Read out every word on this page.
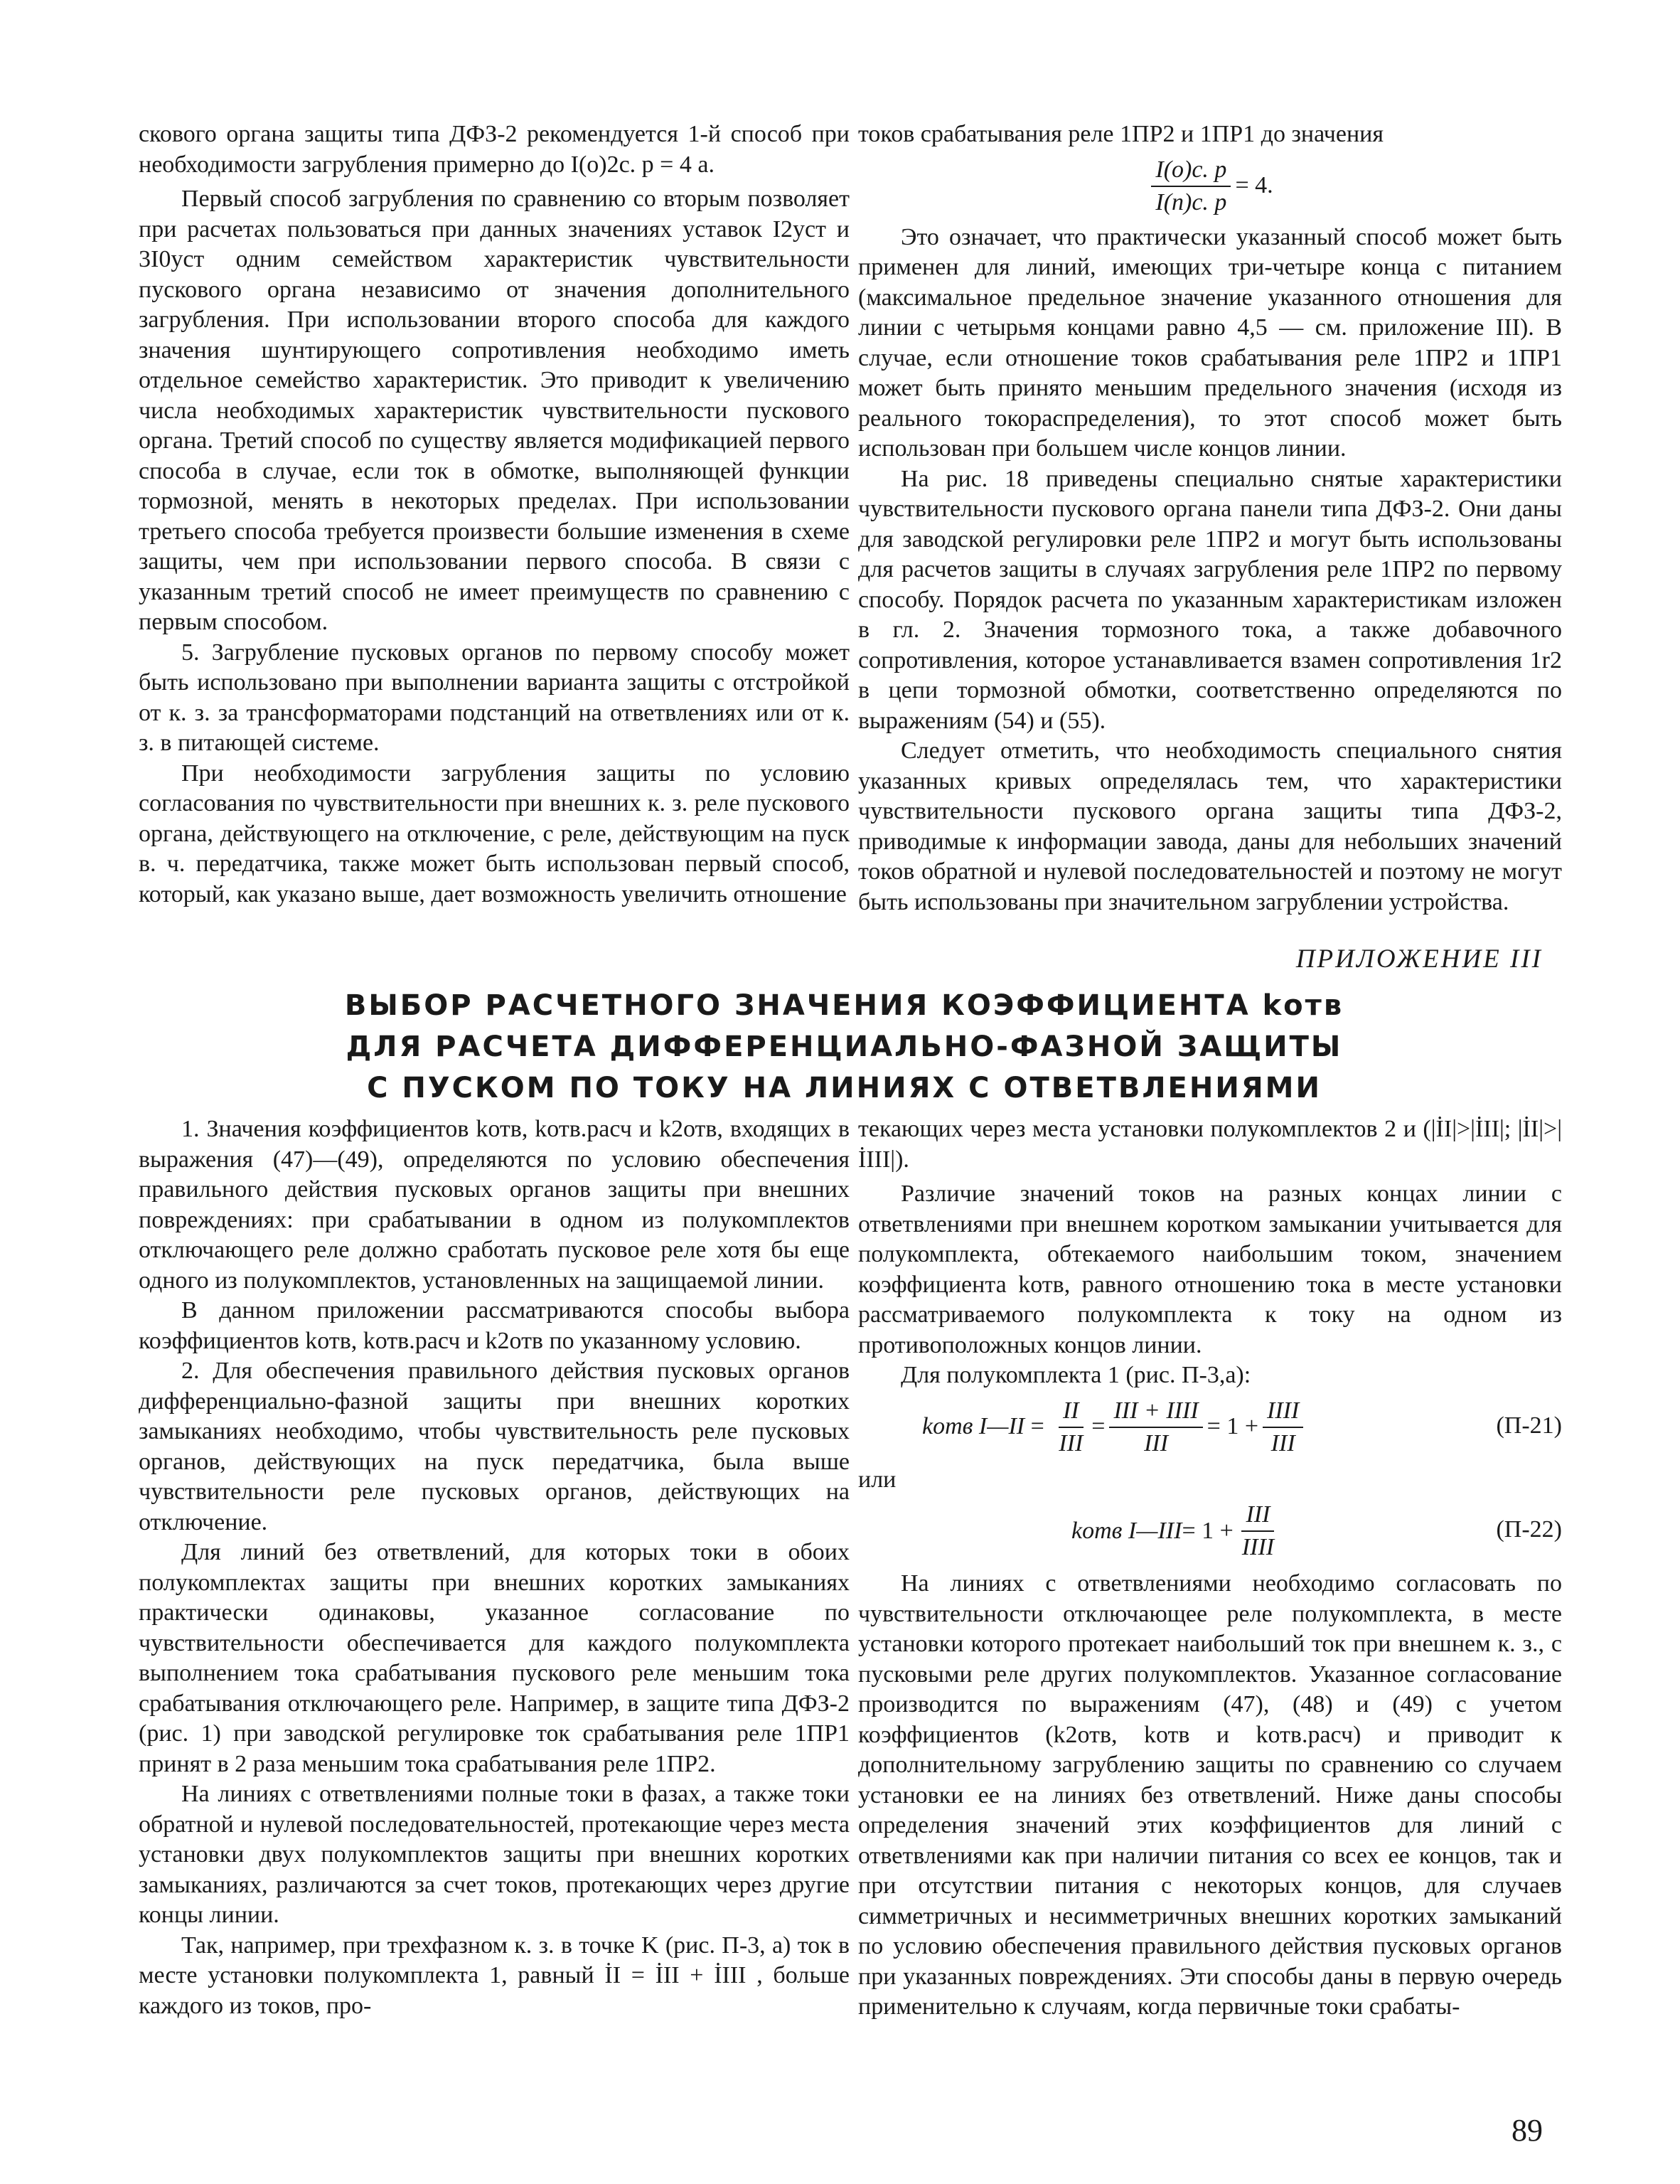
скового органа защиты типа ДФЗ-2 рекомендуется 1-й способ при необходимости загрубления примерно до I(o)2с. р = 4 а.

Первый способ загрубления по сравнению со вторым позволяет при расчетах пользоваться при данных значениях уставок I2уст и 3I0уст одним семейством характеристик чувствительности пускового органа независимо от значения дополнительного загрубления. При использовании второго способа для каждого значения шунтирующего сопротивления необходимо иметь отдельное семейство характеристик. Это приводит к увеличению числа необходимых характеристик чувствительности пускового органа. Третий способ по существу является модификацией первого способа в случае, если ток в обмотке, выполняющей функции тормозной, менять в некоторых пределах. При использовании третьего способа требуется произвести большие изменения в схеме защиты, чем при использовании первого способа. В связи с указанным третий способ не имеет преимуществ по сравнению с первым способом.

5. Загрубление пусковых органов по первому способу может быть использовано при выполнении варианта защиты с отстройкой от к. з. за трансформаторами подстанций на ответвлениях или от к. з. в питающей системе.

При необходимости загрубления защиты по условию согласования по чувствительности при внешних к. з. реле пускового органа, действующего на отключение, с реле, действующим на пуск в. ч. передатчика, также может быть использован первый способ, который, как указано выше, дает возможность увеличить отношение

токов срабатывания реле 1ПР2 и 1ПР1 до значения

$\frac{I(o)с. р}{I(п)с. р} = 4$.

Это означает, что практически указанный способ может быть применен для линий, имеющих три-четыре конца с питанием (максимальное предельное значение указанного отношения для линии с четырьмя концами равно 4,5 — см. приложение III). В случае, если отношение токов срабатывания реле 1ПР2 и 1ПР1 может быть принято меньшим предельного значения (исходя из реального токораспределения), то этот способ может быть использован при большем числе концов линии.

На рис. 18 приведены специально снятые характеристики чувствительности пускового органа панели типа ДФЗ-2. Они даны для заводской регулировки реле 1ПР2 и могут быть использованы для расчетов защиты в случаях загрубления реле 1ПР2 по первому способу. Порядок расчета по указанным характеристикам изложен в гл. 2. Значения тормозного тока, а также добавочного сопротивления, которое устанавливается взамен сопротивления 1r2 в цепи тормозной обмотки, соответственно определяются по выражениям (54) и (55).

Следует отметить, что необходимость специального снятия указанных кривых определялась тем, что характеристики чувствительности пускового органа защиты типа ДФЗ-2, приводимые к информации завода, даны для небольших значений токов обратной и нулевой последовательностей и поэтому не могут быть использованы при значительном загрублении устройства.

ПРИЛОЖЕНИЕ III
ВЫБОР РАСЧЕТНОГО ЗНАЧЕНИЯ КОЭФФИЦИЕНТА kотв
ДЛЯ РАСЧЕТА ДИФФЕРЕНЦИАЛЬНО-ФАЗНОЙ ЗАЩИТЫ
С ПУСКОМ ПО ТОКУ НА ЛИНИЯХ С ОТВЕТВЛЕНИЯМИ

1. Значения коэффициентов kотв, kотв.расч и k2отв, входящих в выражения (47)—(49), определяются по условию обеспечения правильного действия пусковых органов защиты при внешних повреждениях: при срабатывании в одном из полукомплектов отключающего реле должно сработать пусковое реле хотя бы еще одного из полукомплектов, установленных на защищаемой линии.

В данном приложении рассматриваются способы выбора коэффициентов kотв, kотв.расч и k2отв по указанному условию.

2. Для обеспечения правильного действия пусковых органов дифференциально-фазной защиты при внешних коротких замыканиях необходимо, чтобы чувствительность реле пусковых органов, действующих на пуск передатчика, была выше чувствительности реле пусковых органов, действующих на отключение.

Для линий без ответвлений, для которых токи в обоих полукомплектах защиты при внешних коротких замыканиях практически одинаковы, указанное согласование по чувствительности обеспечивается для каждого полукомплекта выполнением тока срабатывания пускового реле меньшим тока срабатывания отключающего реле. Например, в защите типа ДФЗ-2 (рис. 1) при заводской регулировке ток срабатывания реле 1ПР1 принят в 2 раза меньшим тока срабатывания реле 1ПР2.

На линиях с ответвлениями полные токи в фазах, а также токи обратной и нулевой последовательностей, протекающие через места установки двух полукомплектов защиты при внешних коротких замыканиях, различаются за счет токов, протекающих через другие концы линии.

Так, например, при трехфазном к. з. в точке K (рис. П-3, а) ток в месте установки полукомплекта 1, равный İI = İII + İIII , больше каждого из токов, про-

текающих через места установки полукомплектов 2 и (|İI|>|İII|; |İI|>|İIII|).

Различие значений токов на разных концах линии с ответвлениями при внешнем коротком замыкании учитывается для полукомплекта, обтекаемого наибольшим током, значением коэффициента kотв, равного отношению тока в месте установки рассматриваемого полукомплекта к току на одном из противоположных концов линии.

Для полукомплекта 1 (рис. П-3,а):

kотв I—II = $\frac{II}{\text{III}} = \frac{\text{III + IIII}}{\text{III}} = 1 + \frac{\text{IIII}}{\text{III}}$	(П-21)

или

kотв I—III = $1 + \frac{\text{III}}{\text{IIII}}$	(П-22)

На линиях с ответвлениями необходимо согласовать по чувствительности отключающее реле полукомплекта, в месте установки которого протекает наибольший ток при внешнем к. з., с пусковыми реле других полукомплектов. Указанное согласование производится по выражениям (47), (48) и (49) с учетом коэффициентов (k2отв, kотв и kотв.расч) и приводит к дополнительному загрублению защиты по сравнению со случаем установки ее на линиях без ответвлений. Ниже даны способы определения значений этих коэффициентов для линий с ответвлениями как при наличии питания со всех ее концов, так и при отсутствии питания с некоторых концов, для случаев симметричных и несимметричных внешних коротких замыканий по условию обеспечения правильного действия пусковых органов при указанных повреждениях. Эти способы даны в первую очередь применительно к случаям, когда первичные токи срабаты-

89
